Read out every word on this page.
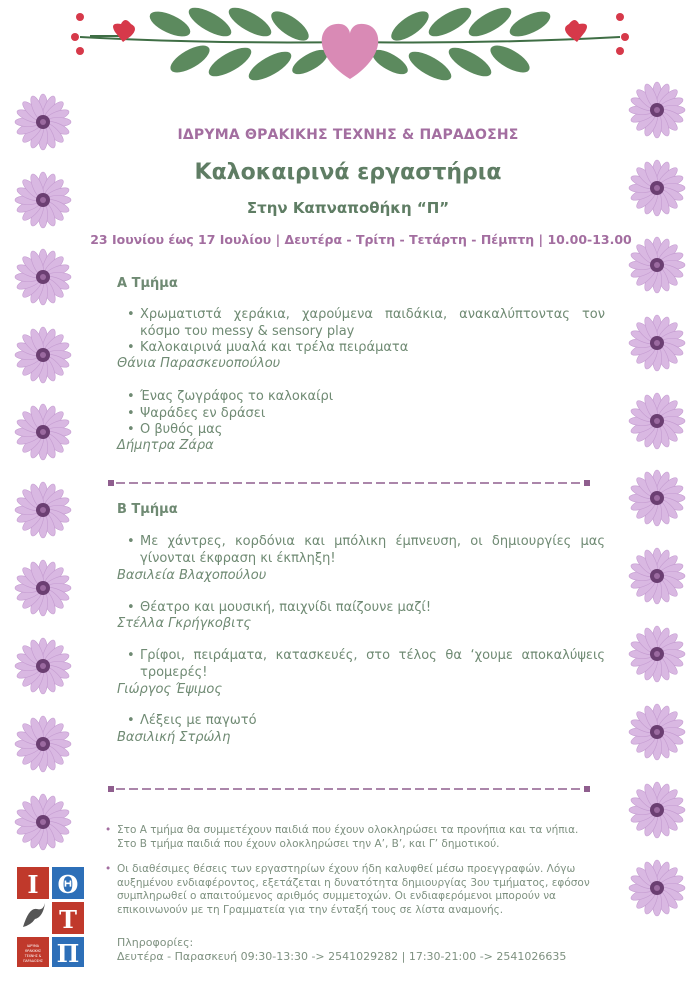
ΙΔΡΥΜΑ ΘΡΑΚΙΚΗΣ ΤΕΧΝΗΣ & ΠΑΡΑΔΟΣΗΣ
Καλοκαιρινά εργαστήρια
Στην Καπναποθήκη “Π”
23 Ιουνίου έως 17 Ιουλίου | Δευτέρα - Τρίτη - Τετάρτη - Πέμπτη | 10.00-13.00
Α Τμήμα
• Χρωματιστά χεράκια, χαρούμενα παιδάκια, ανακαλύπτοντας τον κόσμο του messy & sensory play
• Καλοκαιρινά μυαλά και τρέλα πειράματα
Θάνια Παρασκευοπούλου
• Ένας ζωγράφος το καλοκαίρι
• Ψαράδες εν δράσει
• Ο βυθός μας
Δήμητρα Ζάρα
Β Τμήμα
• Με χάντρες, κορδόνια και μπόλικη έμπνευση, οι δημιουργίες μας γίνονται έκφραση κι έκπληξη!
Βασιλεία Βλαχοπούλου
• Θέατρο και μουσική, παιχνίδι παίζουνε μαζί!
Στέλλα Γκρήγκοβιτς
• Γρίφοι, πειράματα, κατασκευές, στο τέλος θα ‘χουμε αποκαλύψεις τρομερές!
Γιώργος Έψιμος
• Λέξεις με παγωτό
Βασιλική Στρώλη
• Στο Α τμήμα θα συμμετέχουν παιδιά που έχουν ολοκληρώσει τα προνήπια και τα νήπια. Στο Β τμήμα παιδιά που έχουν ολοκληρώσει την Α’, Β’, και Γ’ δημοτικού.
• Οι διαθέσιμες θέσεις των εργαστηρίων έχουν ήδη καλυφθεί μέσω προεγγραφών. Λόγω αυξημένου ενδιαφέροντος, εξετάζεται η δυνατότητα δημιουργίας 3ου τμήματος, εφόσον συμπληρωθεί ο απαιτούμενος αριθμός συμμετοχών. Οι ενδιαφερόμενοι μπορούν να επικοινωνούν με τη Γραμματεία για την ένταξή τους σε λίστα αναμονής.
Πληροφορίες:
Δευτέρα - Παρασκευή 09:30-13:30 -> 2541029282 | 17:30-21:00 -> 2541026635
Ι Θ
Τ
Π
ΙΔΡΥΜΑ
ΘΡΑΚΙΚΗΣ
ΤΕΧΝΗΣ &
ΠΑΡΑΔΟΣΗΣ
